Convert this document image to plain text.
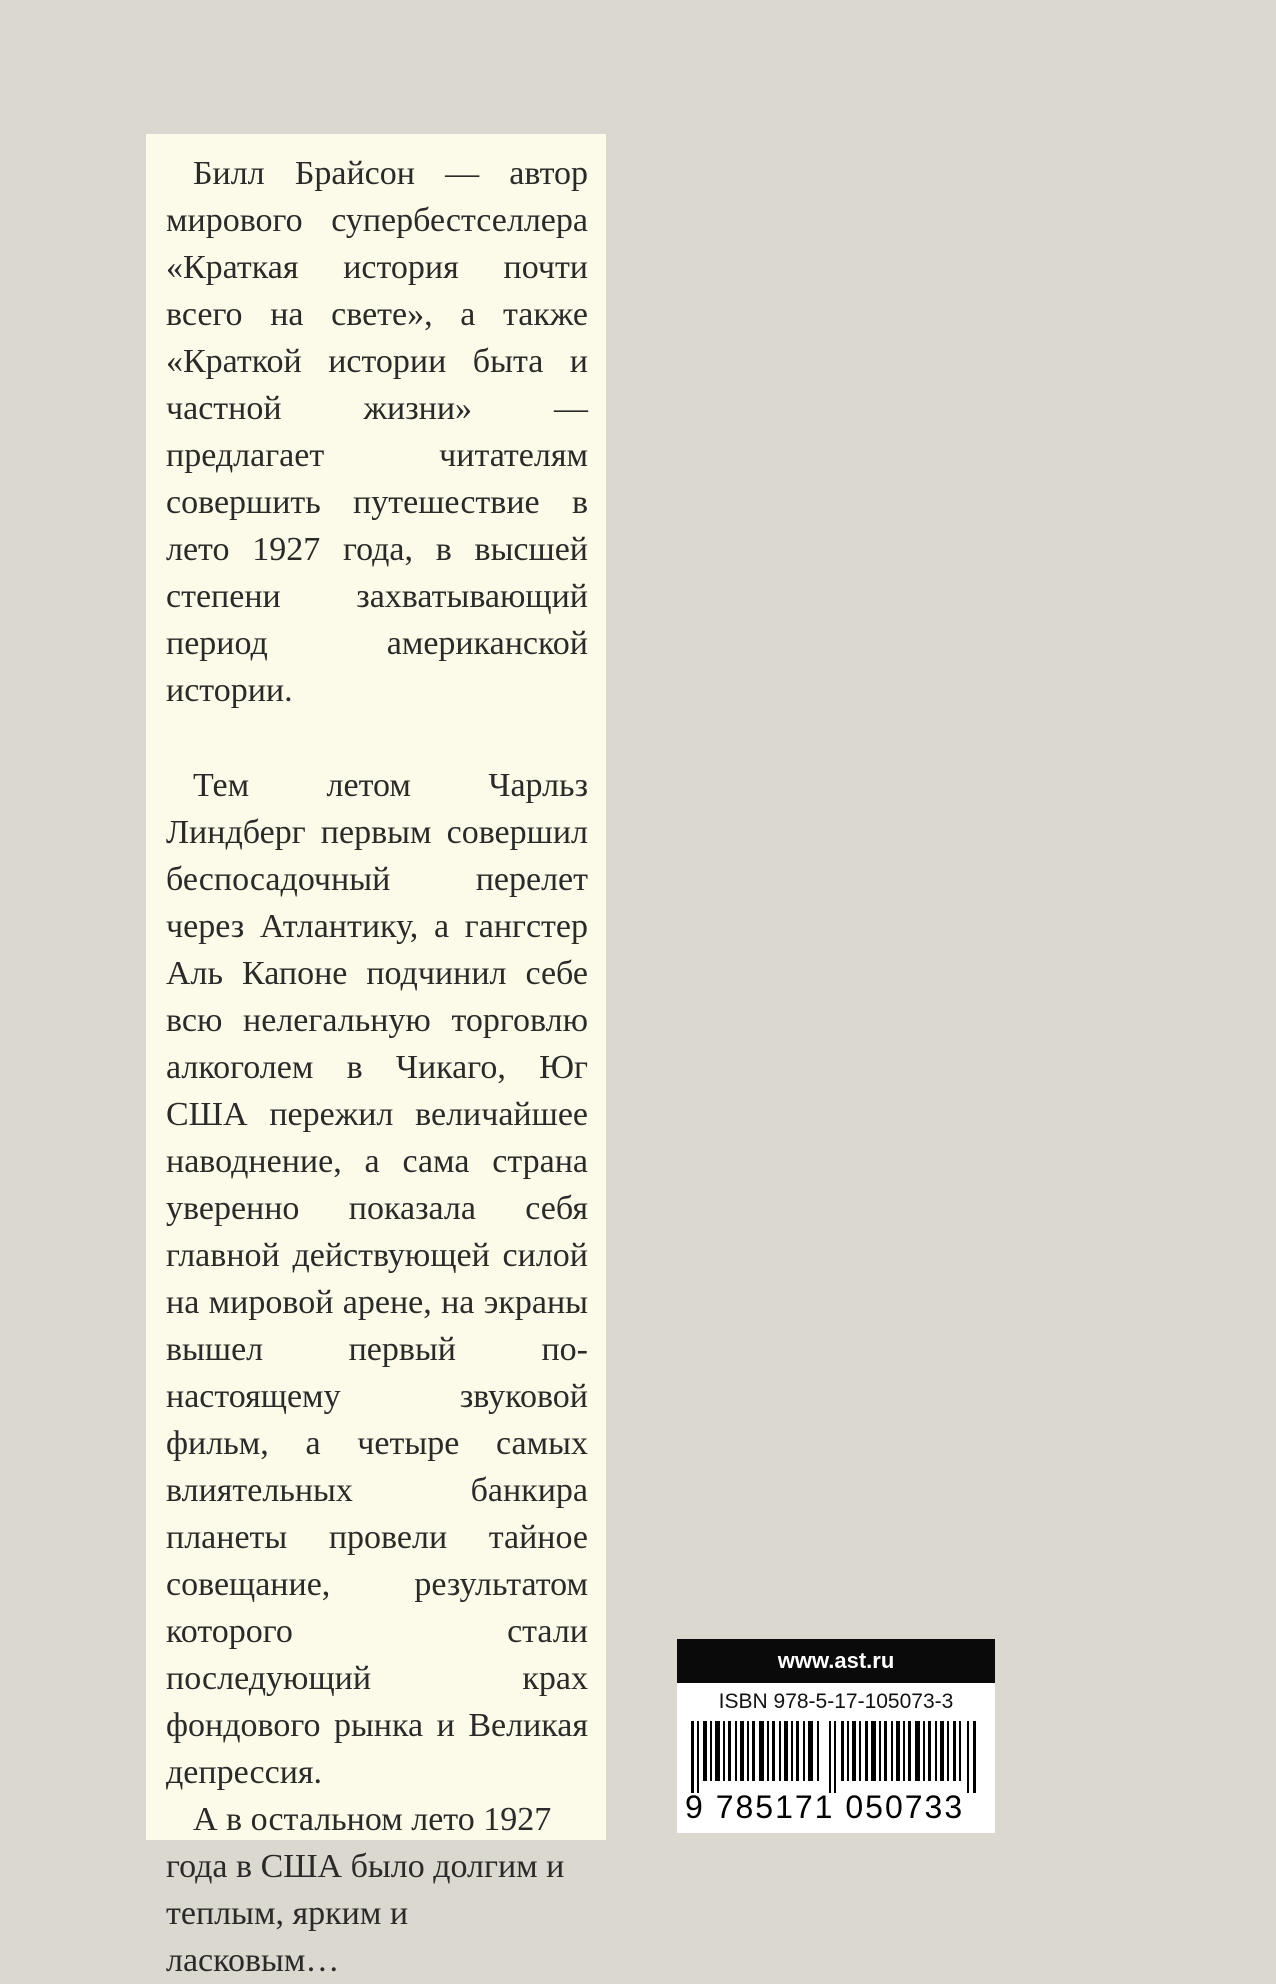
Билл Брайсон — автор мирового супербестселлера «Краткая история почти всего на свете», а также «Краткой истории быта и частной жизни» — предлагает читателям совершить путешествие в лето 1927 года, в высшей степени захватывающий период американской истории.

Тем летом Чарльз Линдберг первым совершил беспосадочный перелет через Атлантику, а гангстер Аль Капоне подчинил себе всю нелегальную торговлю алкоголем в Чикаго, Юг США пережил величайшее наводнение, а сама страна уверенно показала себя главной действующей силой на мировой арене, на экраны вышел первый по-настоящему звуковой фильм, а четыре самых влиятельных банкира планеты провели тайное совещание, результатом которого стали последующий крах фондового рынка и Великая депрессия.

А в остальном лето 1927 года в США было долгим и теплым, ярким и ласковым…

www.ast.ru
ISBN 978-5-17-105073-3
9 785171 050733
